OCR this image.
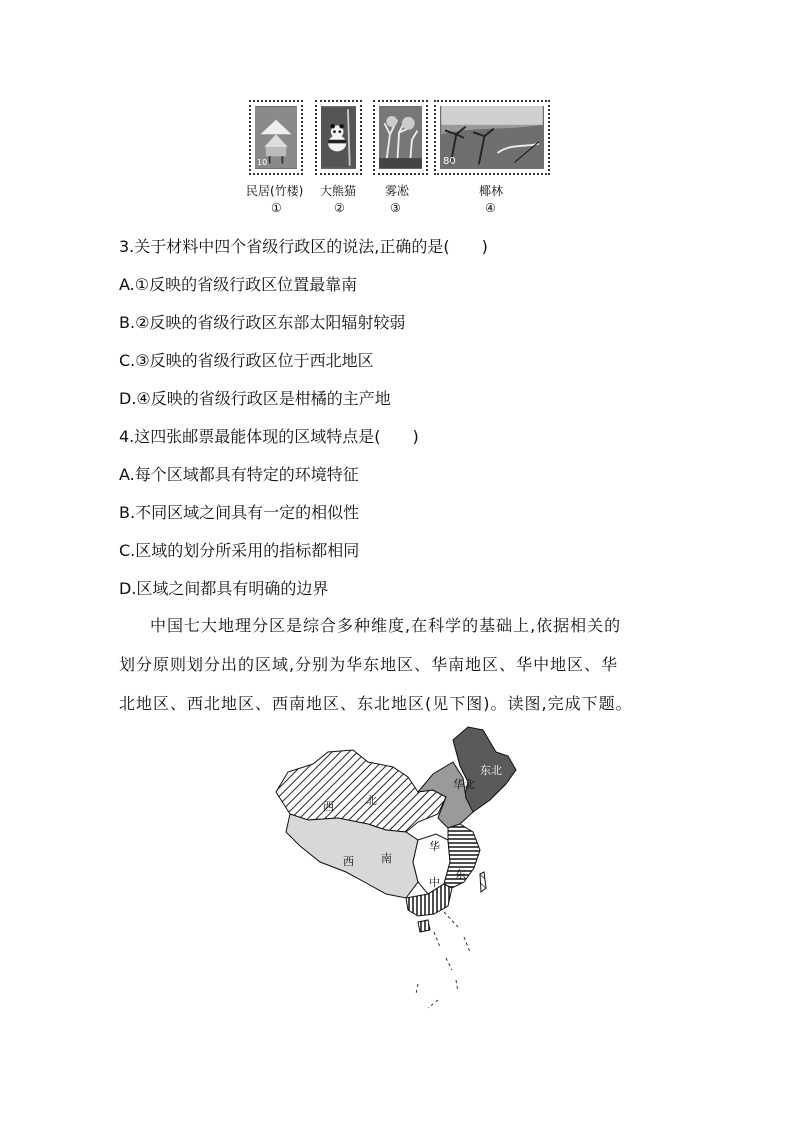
10	80
民居(竹楼) 大熊猫 雾凇	椰林
①	②	③	④
3.关于材料中四个省级行政区的说法,正确的是(　　)
A.①反映的省级行政区位置最靠南
B.②反映的省级行政区东部太阳辐射较弱
C.③反映的省级行政区位于西北地区
D.④反映的省级行政区是柑橘的主产地
4.这四张邮票最能体现的区域特点是(　　)
A.每个区域都具有特定的环境特征
B.不同区域之间具有一定的相似性
C.区域的划分所采用的指标都相同
D.区域之间都具有明确的边界
中国七大地理分区是综合多种维度,在科学的基础上,依据相关的
划分原则划分出的区域,分别为华东地区、华南地区、华中地区、华
北地区、西北地区、西南地区、东北地区(见下图)。读图,完成下题。
东北
华北
西	北
西 南
华
中
东
